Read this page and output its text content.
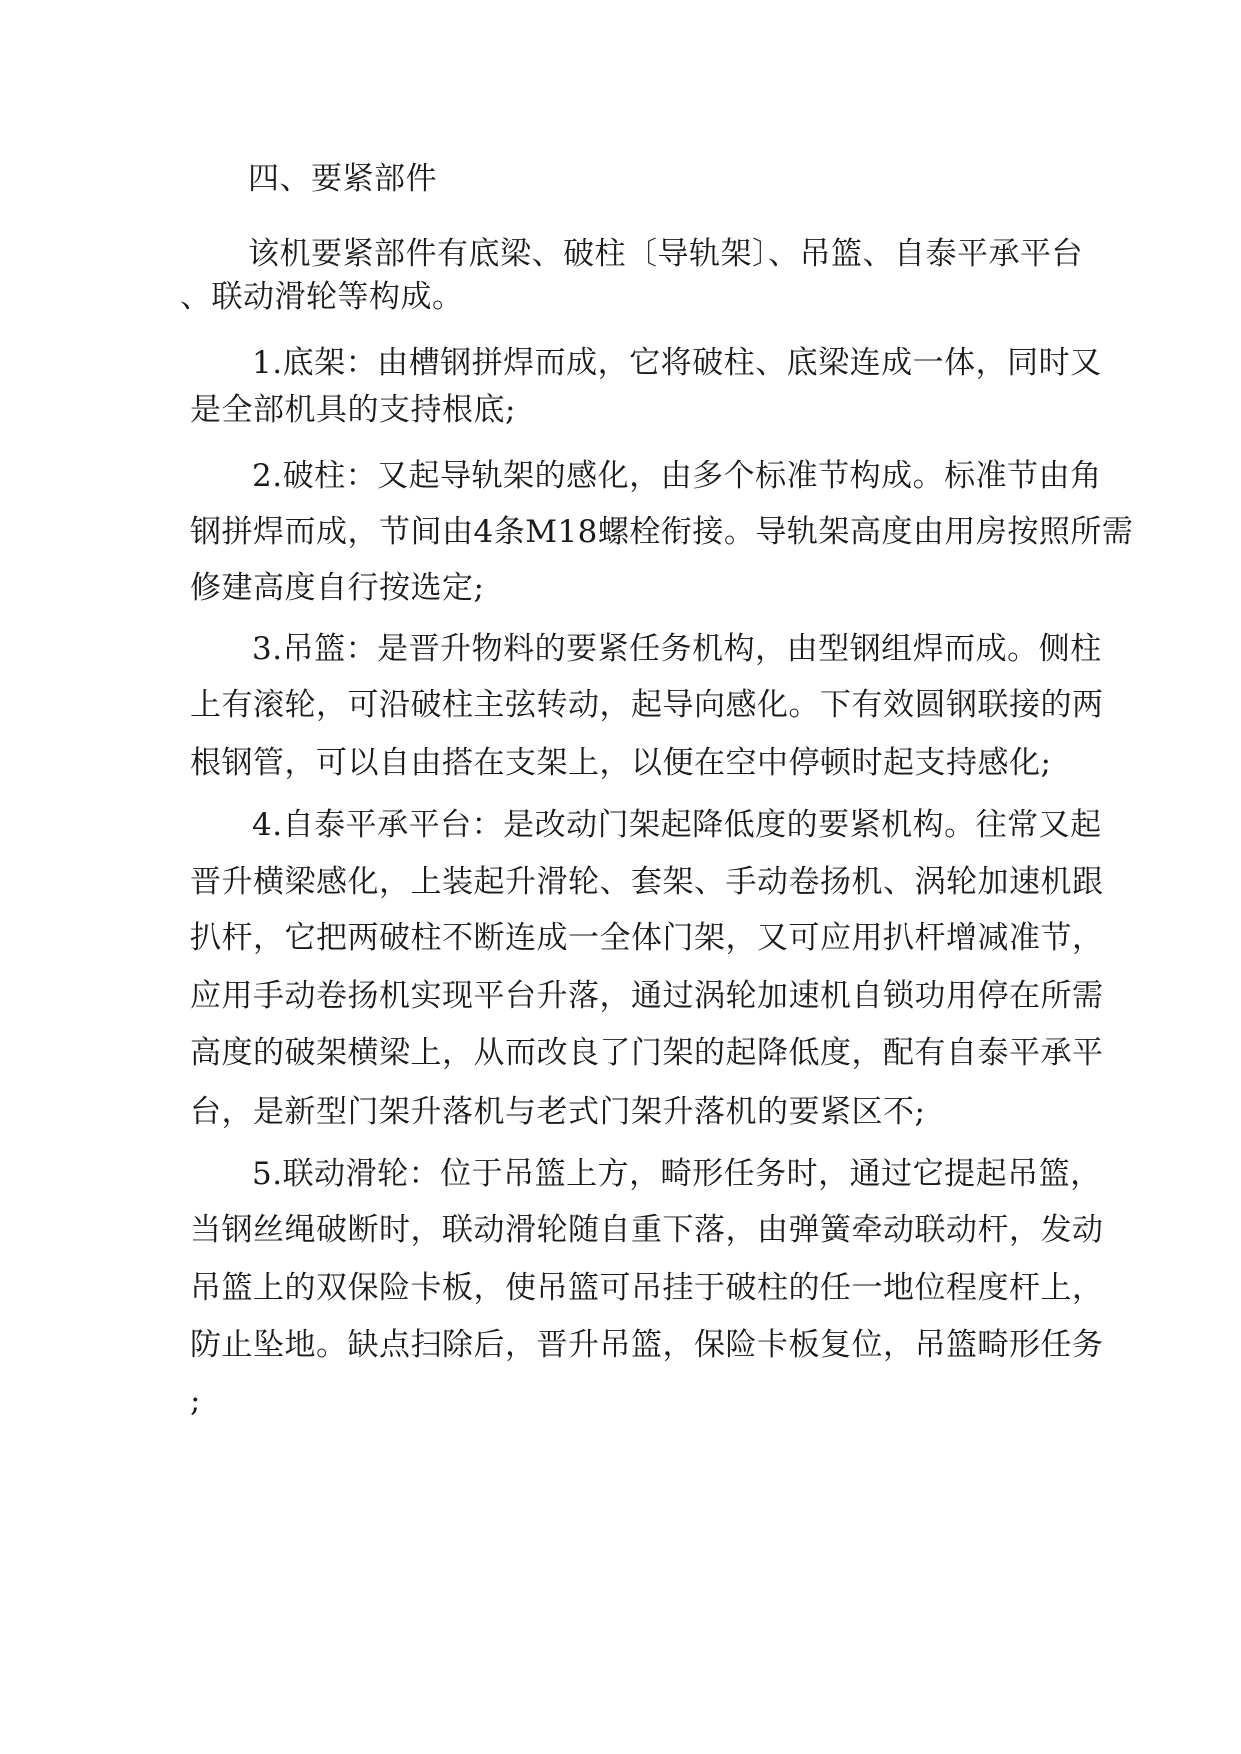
四、要紧部件
该机要紧部件有底梁、破柱〔导轨架〕、吊篮、自泰平承平台
、联动滑轮等构成。
1.底架：由槽钢拼焊而成，它将破柱、底梁连成一体，同时又
是全部机具的支持根底;
2.破柱：又起导轨架的感化，由多个标准节构成。标准节由角
钢拼焊而成，节间由4条M18螺栓衔接。导轨架高度由用房按照所需
修建高度自行按选定;
3.吊篮：是晋升物料的要紧任务机构，由型钢组焊而成。侧柱
上有滚轮，可沿破柱主弦转动，起导向感化。下有效圆钢联接的两
根钢管，可以自由搭在支架上，以便在空中停顿时起支持感化;
4.自泰平承平台：是改动门架起降低度的要紧机构。往常又起
晋升横梁感化，上装起升滑轮、套架、手动卷扬机、涡轮加速机跟
扒杆，它把两破柱不断连成一全体门架，又可应用扒杆增减准节，
应用手动卷扬机实现平台升落，通过涡轮加速机自锁功用停在所需
高度的破架横梁上，从而改良了门架的起降低度，配有自泰平承平
台，是新型门架升落机与老式门架升落机的要紧区不;
5.联动滑轮：位于吊篮上方，畸形任务时，通过它提起吊篮，
当钢丝绳破断时，联动滑轮随自重下落，由弹簧牵动联动杆，发动
吊篮上的双保险卡板，使吊篮可吊挂于破柱的任一地位程度杆上，
防止坠地。缺点扫除后，晋升吊篮，保险卡板复位，吊篮畸形任务
;
